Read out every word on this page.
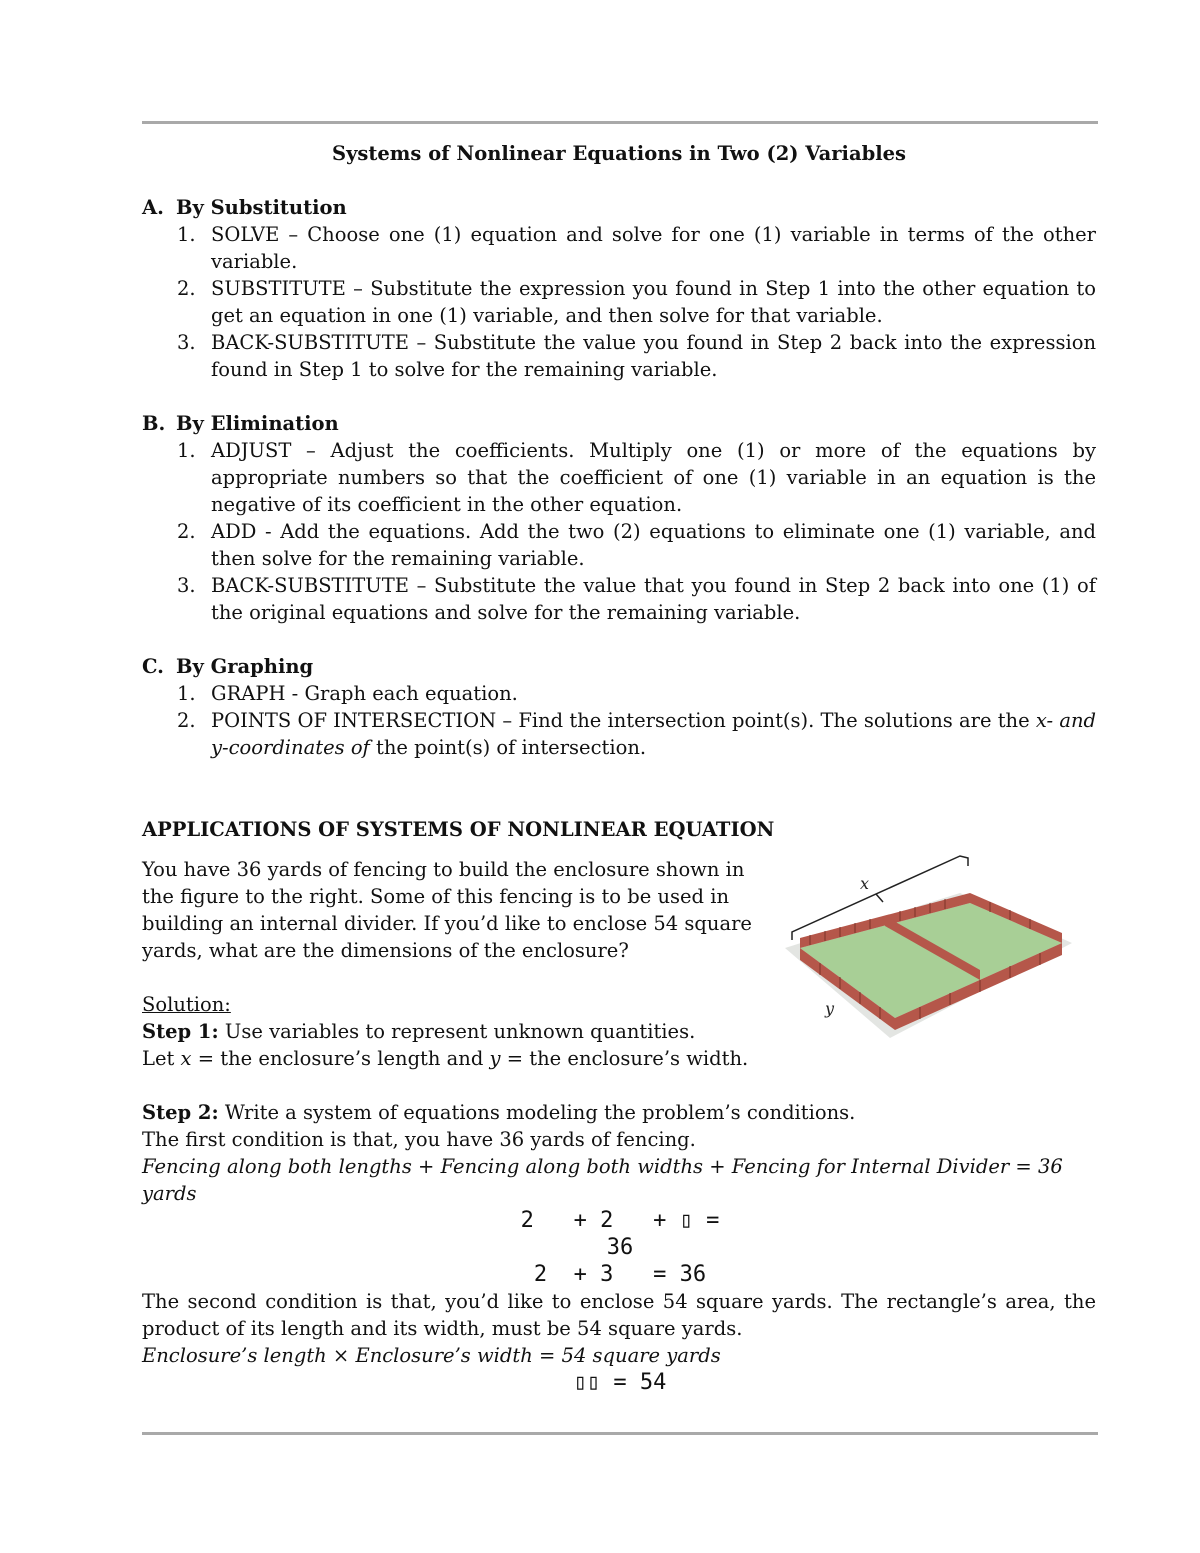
Systems of Nonlinear Equations in Two (2) Variables
A. By Substitution
1. SOLVE – Choose one (1) equation and solve for one (1) variable in terms of the other variable.
2. SUBSTITUTE – Substitute the expression you found in Step 1 into the other equation to get an equation in one (1) variable, and then solve for that variable.
3. BACK-SUBSTITUTE – Substitute the value you found in Step 2 back into the expression found in Step 1 to solve for the remaining variable.
B. By Elimination
1. ADJUST – Adjust the coefficients. Multiply one (1) or more of the equations by appropriate numbers so that the coefficient of one (1) variable in an equation is the negative of its coefficient in the other equation.
2. ADD - Add the equations. Add the two (2) equations to eliminate one (1) variable, and then solve for the remaining variable.
3. BACK-SUBSTITUTE – Substitute the value that you found in Step 2 back into one (1) of the original equations and solve for the remaining variable.
C. By Graphing
1. GRAPH - Graph each equation.
2. POINTS OF INTERSECTION – Find the intersection point(s). The solutions are the x- and y-coordinates of the point(s) of intersection.
APPLICATIONS OF SYSTEMS OF NONLINEAR EQUATION
You have 36 yards of fencing to build the enclosure shown in the figure to the right. Some of this fencing is to be used in building an internal divider. If you’d like to enclose 54 square yards, what are the dimensions of the enclosure?
Solution:
Step 1: Use variables to represent unknown quantities.
Let x = the enclosure’s length and y = the enclosure’s width.
Step 2: Write a system of equations modeling the problem’s conditions.
The first condition is that, you have 36 yards of fencing.
Fencing along both lengths + Fencing along both widths + Fencing for Internal Divider = 36 yards
2   + 2   + ▯ =
36
2  + 3   = 36
The second condition is that, you’d like to enclose 54 square yards. The rectangle’s area, the product of its length and its width, must be 54 square yards.
Enclosure’s length × Enclosure’s width = 54 square yards
▯▯ = 54
x
y
